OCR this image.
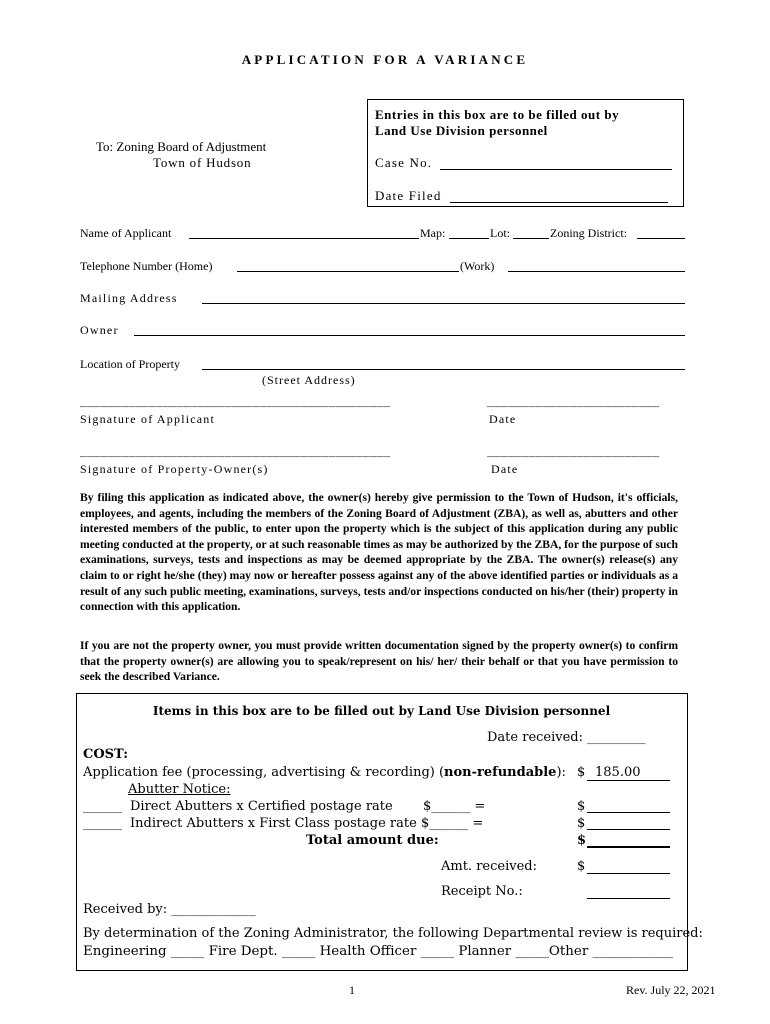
APPLICATION FOR A VARIANCE
To: Zoning Board of Adjustment
Town of Hudson
Entries in this box are to be filled out by
Land Use Division personnel
Case No.
Date Filed
Name of Applicant	Map:	Lot:	Zoning District:
Telephone Number (Home)	(Work)
Mailing Address
Owner
Location of Property
(Street Address)
_____________________________________________	_________________________
Signature of Applicant	Date
_____________________________________________	_________________________
Signature of Property-Owner(s)	Date
By filing this application as indicated above, the owner(s) hereby give permission to the Town of Hudson, it's officials, employees, and agents, including the members of the Zoning Board of Adjustment (ZBA), as well as, abutters and other interested members of the public, to enter upon the property which is the subject of this application during any public meeting conducted at the property, or at such reasonable times as may be authorized by the ZBA, for the purpose of such examinations, surveys, tests and inspections as may be deemed appropriate by the ZBA. The owner(s) release(s) any claim to or right he/she (they) may now or hereafter possess against any of the above identified parties or individuals as a result of any such public meeting, examinations, surveys, tests and/or inspections conducted on his/her (their) property in connection with this application.
If you are not the property owner, you must provide written documentation signed by the property owner(s) to confirm that the property owner(s) are allowing you to speak/represent on his/ her/ their behalf or that you have permission to seek the described Variance.
Items in this box are to be filled out by Land Use Division personnel
Date received: _________
COST:
Application fee (processing, advertising & recording) (non-refundable): $ 185.00
Abutter Notice:
______ Direct Abutters x Certified postage rate $______ =	$
______ Indirect Abutters x First Class postage rate $______ =	$
Total amount due:	$
Amt. received:	$
Receipt No.:
Received by: _____________
By determination of the Zoning Administrator, the following Departmental review is required:
Engineering _____ Fire Dept. _____ Health Officer _____ Planner _____Other ____________
1	Rev. July 22, 2021
